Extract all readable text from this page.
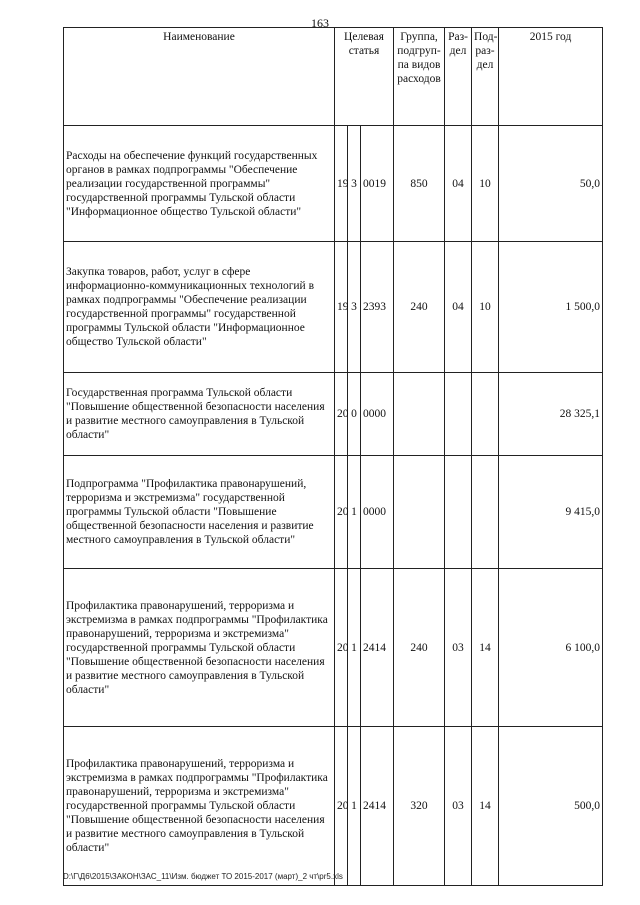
163
Наименование	Целевая статья			Группа, подгруп-па видов расходов	Раз-дел	Под-раз-дел	2015 год
Расходы на обеспечение функций государственных органов в рамках подпрограммы "Обеспечение реализации государственной программы" государственной программы Тульской области "Информационное общество Тульской области"	19	3	0019	850	04	10	50,0
Закупка товаров, работ, услуг в сфере информационно-коммуникационных технологий в рамках подпрограммы "Обеспечение реализации государственной программы" государственной программы Тульской области "Информационное общество Тульской области"	19	3	2393	240	04	10	1 500,0
Государственная программа Тульской области "Повышение общественной безопасности населения и развитие местного самоуправления в Тульской области"	20	0	0000				28 325,1
Подпрограмма "Профилактика правонарушений, терроризма и экстремизма" государственной программы Тульской области "Повышение общественной безопасности населения и развитие местного самоуправления в Тульской области"	20	1	0000				9 415,0
Профилактика правонарушений, терроризма и экстремизма в рамках подпрограммы "Профилактика правонарушений, терроризма и экстремизма" государственной программы Тульской области "Повышение общественной безопасности населения и развитие местного самоуправления в Тульской области"	20	1	2414	240	03	14	6 100,0
Профилактика правонарушений, терроризма и экстремизма в рамках подпрограммы "Профилактика правонарушений, терроризма и экстремизма" государственной программы Тульской области "Повышение общественной безопасности населения и развитие местного самоуправления в Тульской области"	20	1	2414	320	03	14	500,0
D:\Г\Д6\2015\ЗАКОН\ЗАС_11\Изм. бюджет ТО 2015-2017 (март)_2 чт\pr5.xls
